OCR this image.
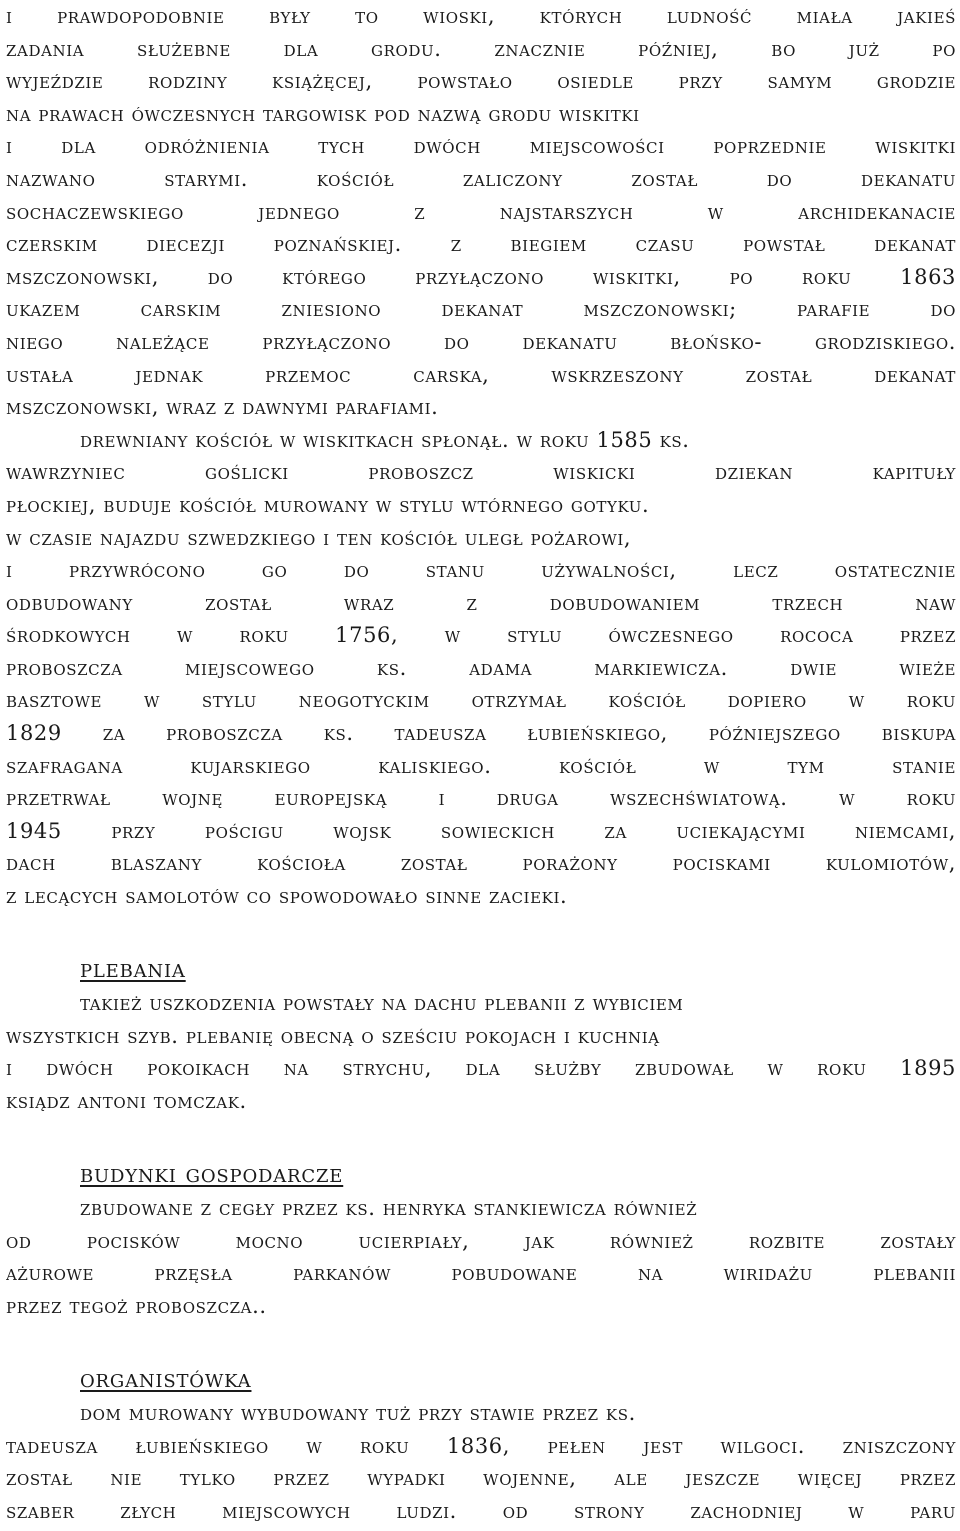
i prawdopodobnie były to wioski, których ludność miała jakieś
zadania służebne dla grodu. znacznie później, bo już po
wyjeździe rodziny książęcej, powstało osiedle przy samym grodzie
na prawach ówczesnych targowisk pod nazwą grodu wiskitki
i dla odróżnienia tych dwóch miejscowości poprzednie wiskitki
nazwano starymi. kościół zaliczony został do dekanatu
sochaczewskiego jednego z najstarszych w archidekanacie
czerskim diecezji poznańskiej. z biegiem czasu powstał dekanat
mszczonowski, do którego przyłączono wiskitki, po roku 1863
ukazem carskim zniesiono dekanat mszczonowski; parafie do
niego należące przyłączono do dekanatu błońsko- grodziskiego.
ustała jednak przemoc carska, wskrzeszony został dekanat
mszczonowski, wraz z dawnymi parafiami.
drewniany kościół w wiskitkach spłonął. w roku 1585 ks.
wawrzyniec goślicki proboszcz wiskicki dziekan kapituły
płockiej, buduje kościół murowany w stylu wtórnego gotyku.
w czasie najazdu szwedzkiego i ten kościół uległ pożarowi,
i przywrócono go do stanu używalności, lecz ostatecznie
odbudowany został wraz z dobudowaniem trzech naw
środkowych w roku 1756, w stylu ówczesnego rococa przez
proboszcza miejscowego ks. adama markiewicza. dwie wieże
basztowe w stylu neogotyckim otrzymał kościół dopiero w roku
1829 za proboszcza ks. tadeusza łubieńskiego, późniejszego biskupa
szafragana kujarskiego kaliskiego. kościół w tym stanie
przetrwał wojnę europejską i druga wszechświatową. w roku
1945 przy pościgu wojsk sowieckich za uciekającymi niemcami,
dach blaszany kościoła został porażony pociskami kulomiotów,
z lecących samolotów co spowodowało sinne zacieki.
plebania
takież uszkodzenia powstały na dachu plebanii z wybiciem
wszystkich szyb. plebanię obecną o sześciu pokojach i kuchnią
i dwóch pokoikach na strychu, dla służby zbudował w roku 1895
ksiądz antoni tomczak.
budynki gospodarcze
zbudowane z cegły przez ks. henryka stankiewicza również
od pocisków mocno ucierpiały, jak również rozbite zostały
ażurowe przęsła parkanów pobudowane na wiridażu plebanii
przez tegoż proboszcza..
organistówka
dom murowany wybudowany tuż przy stawie przez ks.
tadeusza łubieńskiego w roku 1836, pełen jest wilgoci. zniszczony
został nie tylko przez wypadki wojenne, ale jeszcze więcej przez
szaber złych miejscowych ludzi. od strony zachodniej w paru
